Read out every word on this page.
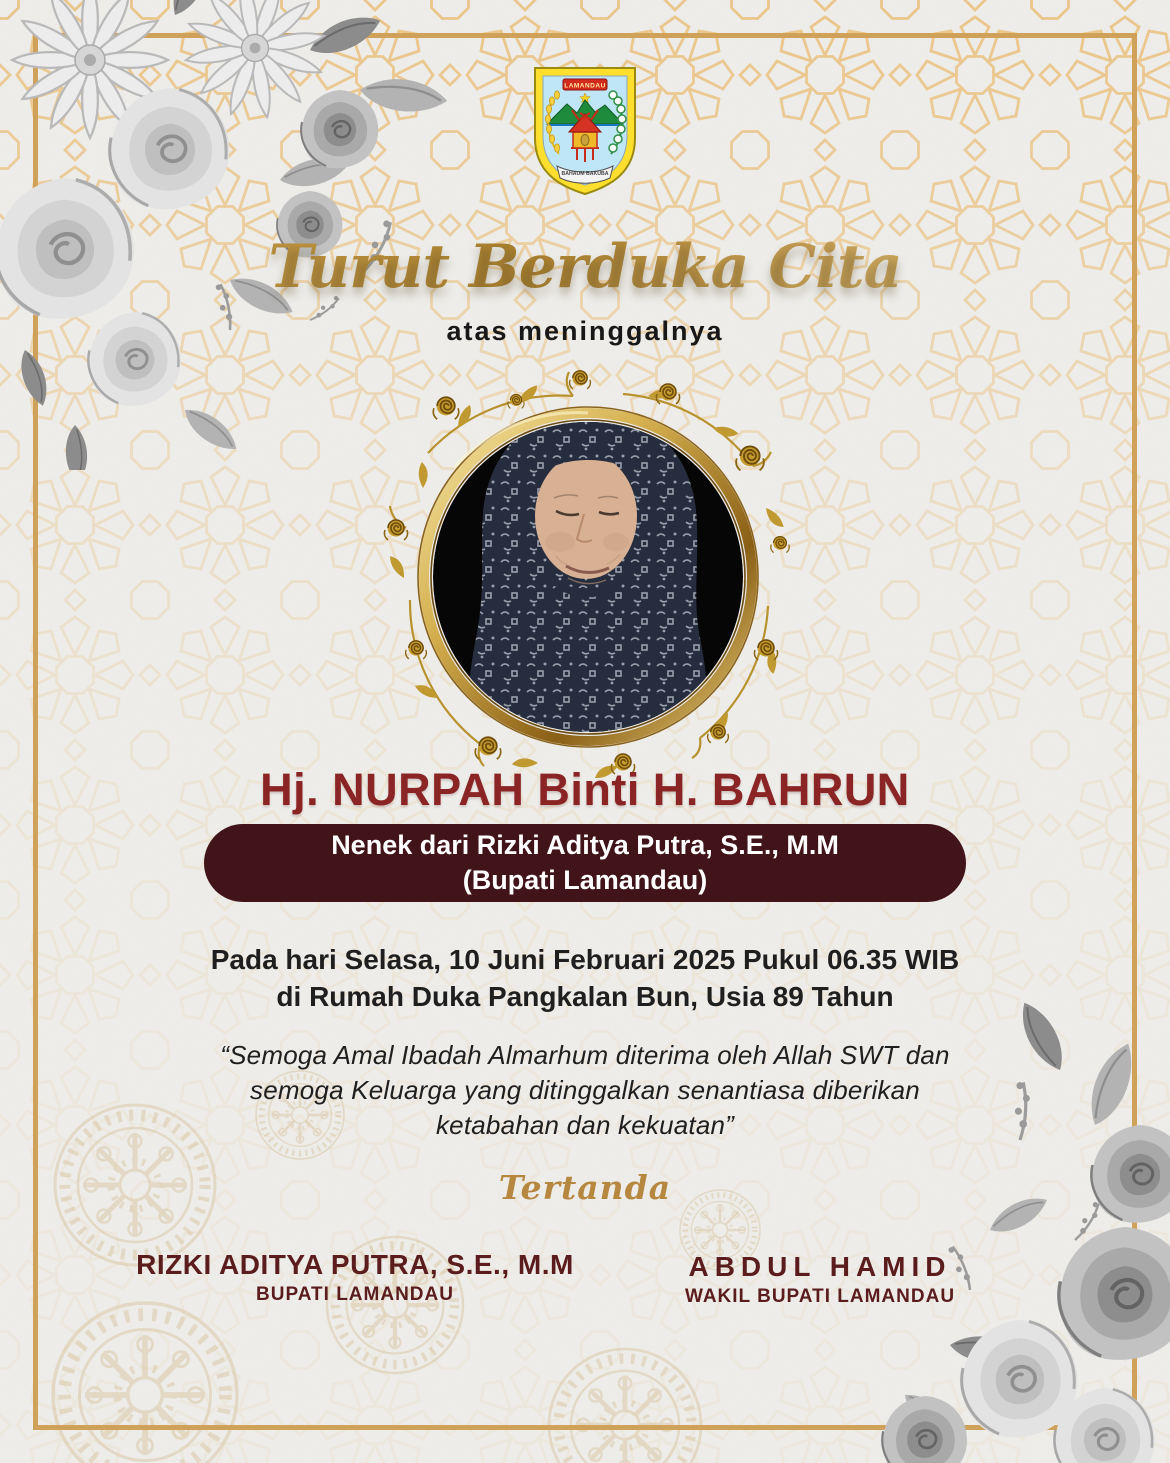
LAMANDAU
BAHAUM BAKUBA
Turut Berduka Cita
atas meninggalnya
Hj. NURPAH Binti H. BAHRUN
Nenek dari Rizki Aditya Putra, S.E., M.M
(Bupati Lamandau)
Pada hari Selasa, 10 Juni Februari 2025 Pukul 06.35 WIB
di Rumah Duka Pangkalan Bun, Usia 89 Tahun
“Semoga Amal Ibadah Almarhum diterima oleh Allah SWT dan
semoga Keluarga yang ditinggalkan senantiasa diberikan
ketabahan dan kekuatan”
Tertanda
RIZKI ADITYA PUTRA, S.E., M.M
BUPATI LAMANDAU
ABDUL HAMID
WAKIL BUPATI LAMANDAU
